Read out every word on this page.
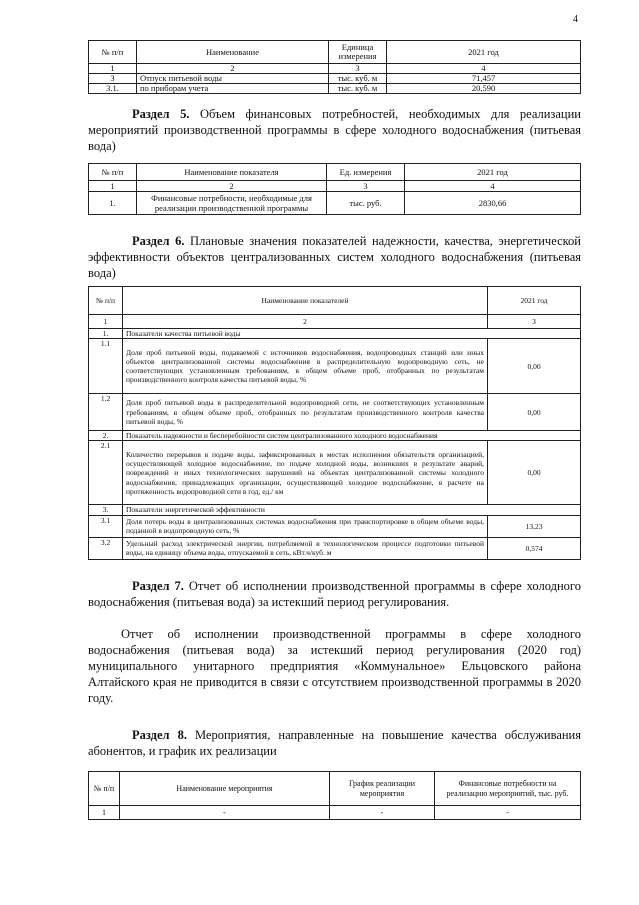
4
№ п/п	Наименование	Единица измерения	2021 год
1	2	3	4
3	Отпуск питьевой воды	тыс. куб. м	71,457
3.1.	по приборам учета	тыс. куб. м	20,590

Раздел 5. Объем финансовых потребностей, необходимых для реализации мероприятий производственной программы в сфере холодного водоснабжения (питьевая вода)

№ п/п	Наименование показателя	Ед. измерения	2021 год
1	2	3	4
1.	Финансовые потребности, необходимые для реализации производственной программы	тыс. руб.	2830,66

Раздел 6. Плановые значения показателей надежности, качества, энергетической эффективности объектов централизованных систем холодного водоснабжения (питьевая вода)

№ п/п	Наименование показателей	2021 год
1	2	3
1.	Показатели качества питьевой воды	
1.1	Доля проб питьевой воды, подаваемой с источников водоснабжения, водопроводных станций или иных объектов централизованной системы водоснабжения в распределительную водопроводную сеть, не соответствующих установленным требованиям, в общем объеме проб, отобранных по результатам производственного контроля качества питьевой воды, %	0,00
1.2	Доля проб питьевой воды в распределительной водопроводной сети, не соответствующих установленным требованиям, в общем объеме проб, отобранных по результатам производственного контроля качества питьевой воды, %	0,00
2.	Показатель надежности и бесперебойности систем централизованного холодного водоснабжения	
2.1	Количество перерывов в подаче воды, зафиксированных в местах исполнения обязательств организацией, осуществляющей холодное водоснабжение, по подаче холодной воды, возникших в результате аварий, повреждений и иных технологических нарушений на объектах централизованной системы холодного водоснабжения, принадлежащих организации, осуществляющей холодное водоснабжение, в расчете на протяженность водопроводной сети в год, ед./ км	0,00
3.	Показатели энергетической эффективности	
3.1	Доля потерь воды в централизованных системах водоснабжения при транспортировке в общем объеме воды, поданной в водопроводную сеть, %	13,23
3.2	Удельный расход электрической энергии, потребляемой в технологическом процессе подготовки питьевой воды, на единицу объема воды, отпускаемой в сеть, кВт.ч/куб. м	0,574

Раздел 7. Отчет об исполнении производственной программы в сфере холодного водоснабжения (питьевая вода) за истекший период регулирования.

Отчет об исполнении производственной программы в сфере холодного водоснабжения (питьевая вода) за истекший период регулирования (2020 год) муниципального унитарного предприятия «Коммунальное» Ельцовского района Алтайского края не приводится в связи с отсутствием производственной программы в 2020 году.

Раздел 8. Мероприятия, направленные на повышение качества обслуживания абонентов, и график их реализации

№ п/п	Наименование мероприятия	График реализации мероприятия	Финансовые потребности на реализацию мероприятий, тыс. руб.
1	-	-	-
